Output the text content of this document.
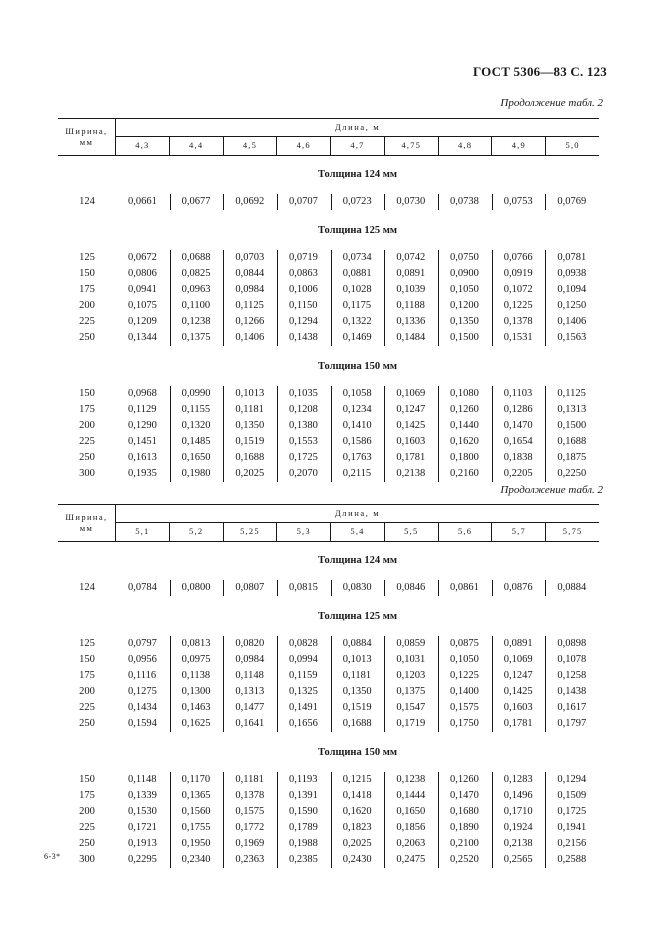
ГОСТ 5306—83 С. 123
Продолжение табл. 2
Ширина,
мм
Длина, м
4,3	4,4	4,5	4,6	4,7	4,75	4,8	4,9	5,0
Толщина 124 мм
124	0,0661	0,0677	0,0692	0,0707	0,0723	0,0730	0,0738	0,0753	0,0769
Толщина 125 мм
125	0,0672	0,0688	0,0703	0,0719	0,0734	0,0742	0,0750	0,0766	0,0781
150	0,0806	0,0825	0,0844	0,0863	0,0881	0,0891	0,0900	0,0919	0,0938
175	0,0941	0,0963	0,0984	0,1006	0,1028	0,1039	0,1050	0,1072	0,1094
200	0,1075	0,1100	0,1125	0,1150	0,1175	0,1188	0,1200	0,1225	0,1250
225	0,1209	0,1238	0,1266	0,1294	0,1322	0,1336	0,1350	0,1378	0,1406
250	0,1344	0,1375	0,1406	0,1438	0,1469	0,1484	0,1500	0,1531	0,1563
Толщина 150 мм
150	0,0968	0,0990	0,1013	0,1035	0,1058	0,1069	0,1080	0,1103	0,1125
175	0,1129	0,1155	0,1181	0,1208	0,1234	0,1247	0,1260	0,1286	0,1313
200	0,1290	0,1320	0,1350	0,1380	0,1410	0,1425	0,1440	0,1470	0,1500
225	0,1451	0,1485	0,1519	0,1553	0,1586	0,1603	0,1620	0,1654	0,1688
250	0,1613	0,1650	0,1688	0,1725	0,1763	0,1781	0,1800	0,1838	0,1875
300	0,1935	0,1980	0,2025	0,2070	0,2115	0,2138	0,2160	0,2205	0,2250
Продолжение табл. 2
Ширина,
мм
Длина, м
5,1	5,2	5,25	5,3	5,4	5,5	5,6	5,7	5,75
Толщина 124 мм
124	0,0784	0,0800	0,0807	0,0815	0,0830	0,0846	0,0861	0,0876	0,0884
Толщина 125 мм
125	0,0797	0,0813	0,0820	0,0828	0,0884	0,0859	0,0875	0,0891	0,0898
150	0,0956	0,0975	0,0984	0,0994	0,1013	0,1031	0,1050	0,1069	0,1078
175	0,1116	0,1138	0,1148	0,1159	0,1181	0,1203	0,1225	0,1247	0,1258
200	0,1275	0,1300	0,1313	0,1325	0,1350	0,1375	0,1400	0,1425	0,1438
225	0,1434	0,1463	0,1477	0,1491	0,1519	0,1547	0,1575	0,1603	0,1617
250	0,1594	0,1625	0,1641	0,1656	0,1688	0,1719	0,1750	0,1781	0,1797
Толщина 150 мм
150	0,1148	0,1170	0,1181	0,1193	0,1215	0,1238	0,1260	0,1283	0,1294
175	0,1339	0,1365	0,1378	0,1391	0,1418	0,1444	0,1470	0,1496	0,1509
200	0,1530	0,1560	0,1575	0,1590	0,1620	0,1650	0,1680	0,1710	0,1725
225	0,1721	0,1755	0,1772	0,1789	0,1823	0,1856	0,1890	0,1924	0,1941
250	0,1913	0,1950	0,1969	0,1988	0,2025	0,2063	0,2100	0,2138	0,2156
300	0,2295	0,2340	0,2363	0,2385	0,2430	0,2475	0,2520	0,2565	0,2588
6-3*
